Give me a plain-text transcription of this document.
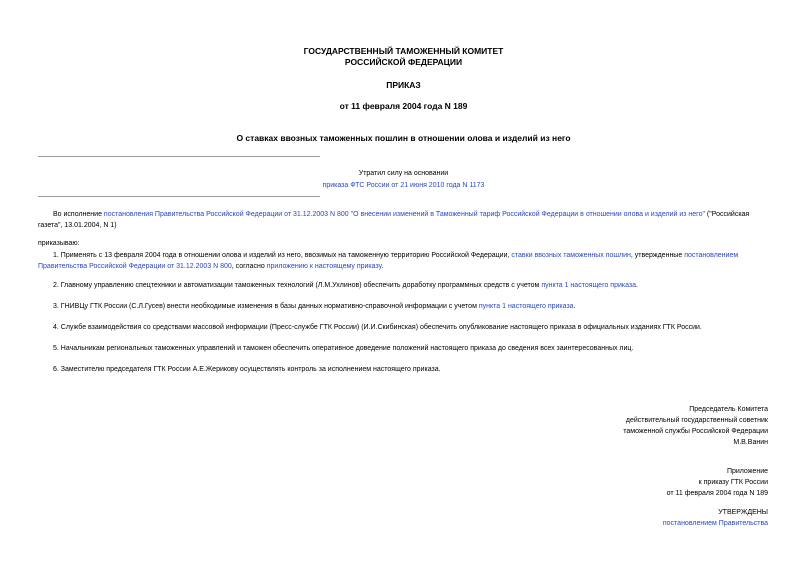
ГОСУДАРСТВЕННЫЙ ТАМОЖЕННЫЙ КОМИТЕТ
РОССИЙСКОЙ ФЕДЕРАЦИИ
ПРИКАЗ
от 11 февраля 2004 года N 189
О ставках ввозных таможенных пошлин в отношении олова и изделий из него
Утратил силу на основании
приказа ФТС России от 21 июня 2010 года N 1173
Во исполнение постановления Правительства Российской Федерации от 31.12.2003 N 800 "О внесении изменений в Таможенный тариф Российской Федерации в отношении олова и изделий из него" ("Российская газета", 13.01.2004, N 1)
приказываю:
1. Применять с 13 февраля 2004 года в отношении олова и изделий из него, ввозимых на таможенную территорию Российской Федерации, ставки ввозных таможенных пошлин, утвержденные постановлением Правительства Российской Федерации от 31.12.2003 N 800, согласно приложению к настоящему приказу.
2. Главному управлению спецтехники и автоматизации таможенных технологий (Л.М.Ухлинов) обеспечить доработку программных средств с учетом пункта 1 настоящего приказа.
3. ГНИВЦу ГТК России (С.Л.Гусев) внести необходимые изменения в базы данных нормативно-справочной информации с учетом пункта 1 настоящего приказа.
4. Службе взаимодействия со средствами массовой информации (Пресс-службе ГТК России) (И.И.Скибинская) обеспечить опубликование настоящего приказа в официальных изданиях ГТК России.
5. Начальникам региональных таможенных управлений и таможен обеспечить оперативное доведение положений настоящего приказа до сведения всех заинтересованных лиц.
6. Заместителю председателя ГТК России А.Е.Жерикову осуществлять контроль за исполнением настоящего приказа.
Председатель Комитета
действительный государственный советник
таможенной службы Российской Федерации
М.В.Ванин
Приложение
к приказу ГТК России
от 11 февраля 2004 года N 189
УТВЕРЖДЕНЫ
постановлением Правительства
